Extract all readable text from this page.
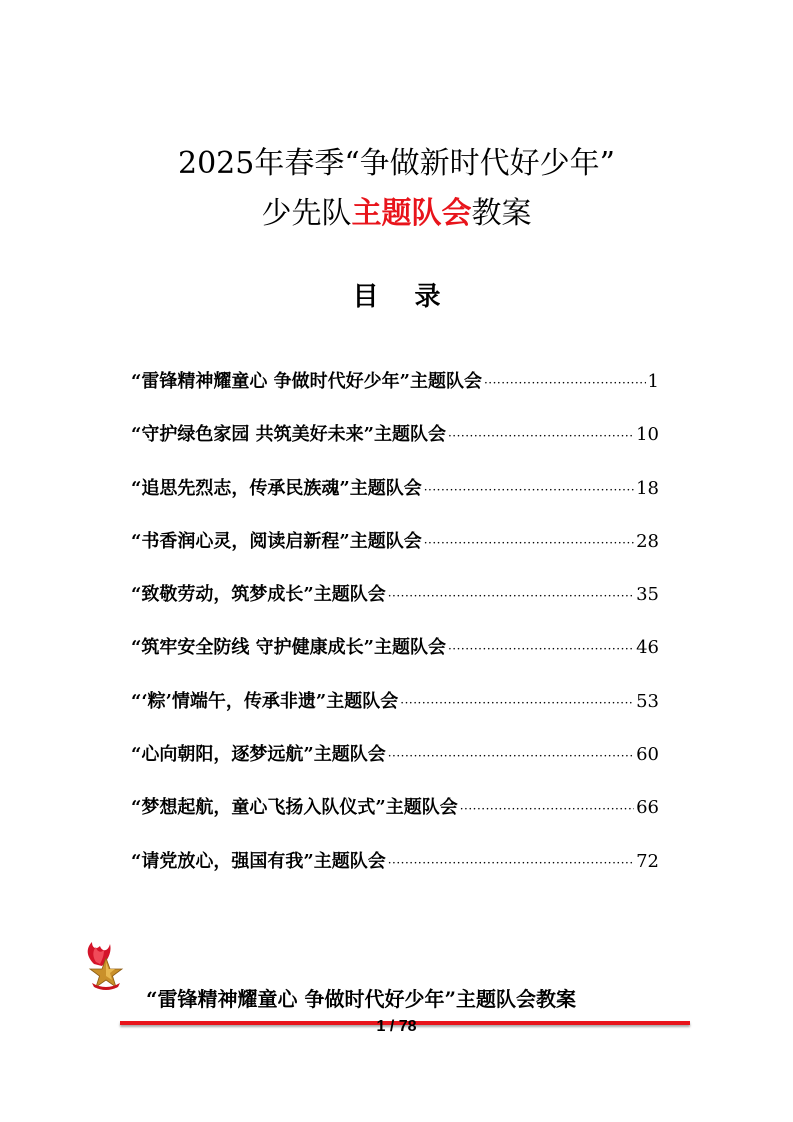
2025年春季“争做新时代好少年”
少先队主题队会教案
目 录
“雷锋精神耀童心 争做时代好少年”主题队会 ·····	1
“守护绿色家园 共筑美好未来”主题队会 ·····	10
“追思先烈志，传承民族魂”主题队会 ·····	18
“书香润心灵，阅读启新程”主题队会 ·····	28
“致敬劳动，筑梦成长”主题队会 ·····	35
“筑牢安全防线 守护健康成长”主题队会 ·····	46
“‘粽’情端午，传承非遗”主题队会 ·····	53
“心向朝阳，逐梦远航”主题队会 ·····	60
“梦想起航，童心飞扬入队仪式”主题队会 ·····	66
“请党放心，强国有我”主题队会 ·····	72
“雷锋精神耀童心 争做时代好少年”主题队会教案
1 / 78
